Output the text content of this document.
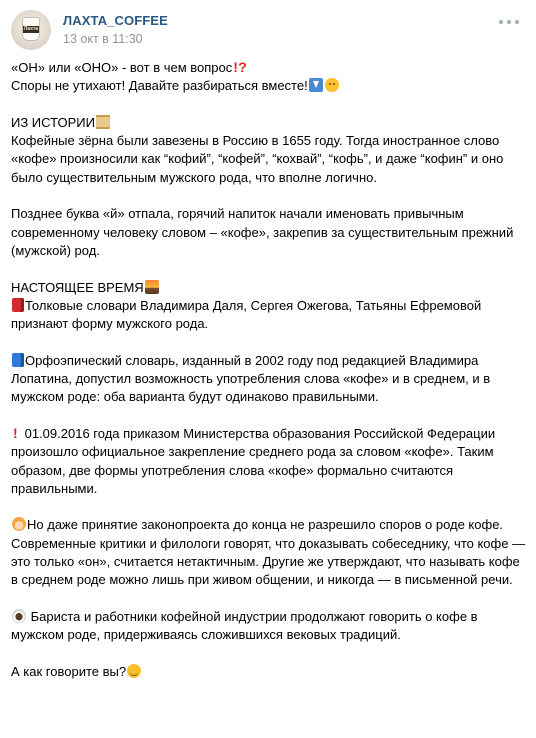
Лахта
ЛАХТА_COFFEE
13 окт в 11:30

«ОН» или «ОНО» - вот в чем вопрос! ?
Споры не утихают! Давайте разбираться вместе!

ИЗ ИСТОРИИ
Кофейные зёрна были завезены в Россию в 1655 году. Тогда иностранное слово «кофе» произносили как “кофий”, “кофей”, “кохвай”, “кофь”, и даже “кофин” и оно было существительным мужского рода, что вполне логично.

Позднее буква «й» отпала, горячий напиток начали именовать привычным современному человеку словом – «кофе», закрепив за существительным прежний (мужской) род.

НАСТОЯЩЕЕ ВРЕМЯ
Толковые словари Владимира Даля, Сергея Ожегова, Татьяны Ефремовой признают форму мужского рода.

Орфоэпический словарь, изданный в 2002 году под редакцией Владимира Лопатина, допустил возможность употребления слова «кофе» и в среднем, и в мужском роде: оба варианта будут одинаково правильными.

! 01.09.2016 года приказом Министерства образования Российской Федерации произошло официальное закрепление среднего рода за словом «кофе». Таким образом, две формы употребления слова «кофе» формально считаются правильными.

Но даже принятие законопроекта до конца не разрешило споров о роде кофе. Современные критики и филологи говорят, что доказывать собеседнику, что кофе — это только «он», считается нетактичным. Другие же утверждают, что называть кофе в среднем роде можно лишь при живом общении, и никогда — в письменной речи.

Бариста и работники кофейной индустрии продолжают говорить о кофе в мужском роде, придерживаясь сложившихся вековых традиций.

А как говорите вы?
